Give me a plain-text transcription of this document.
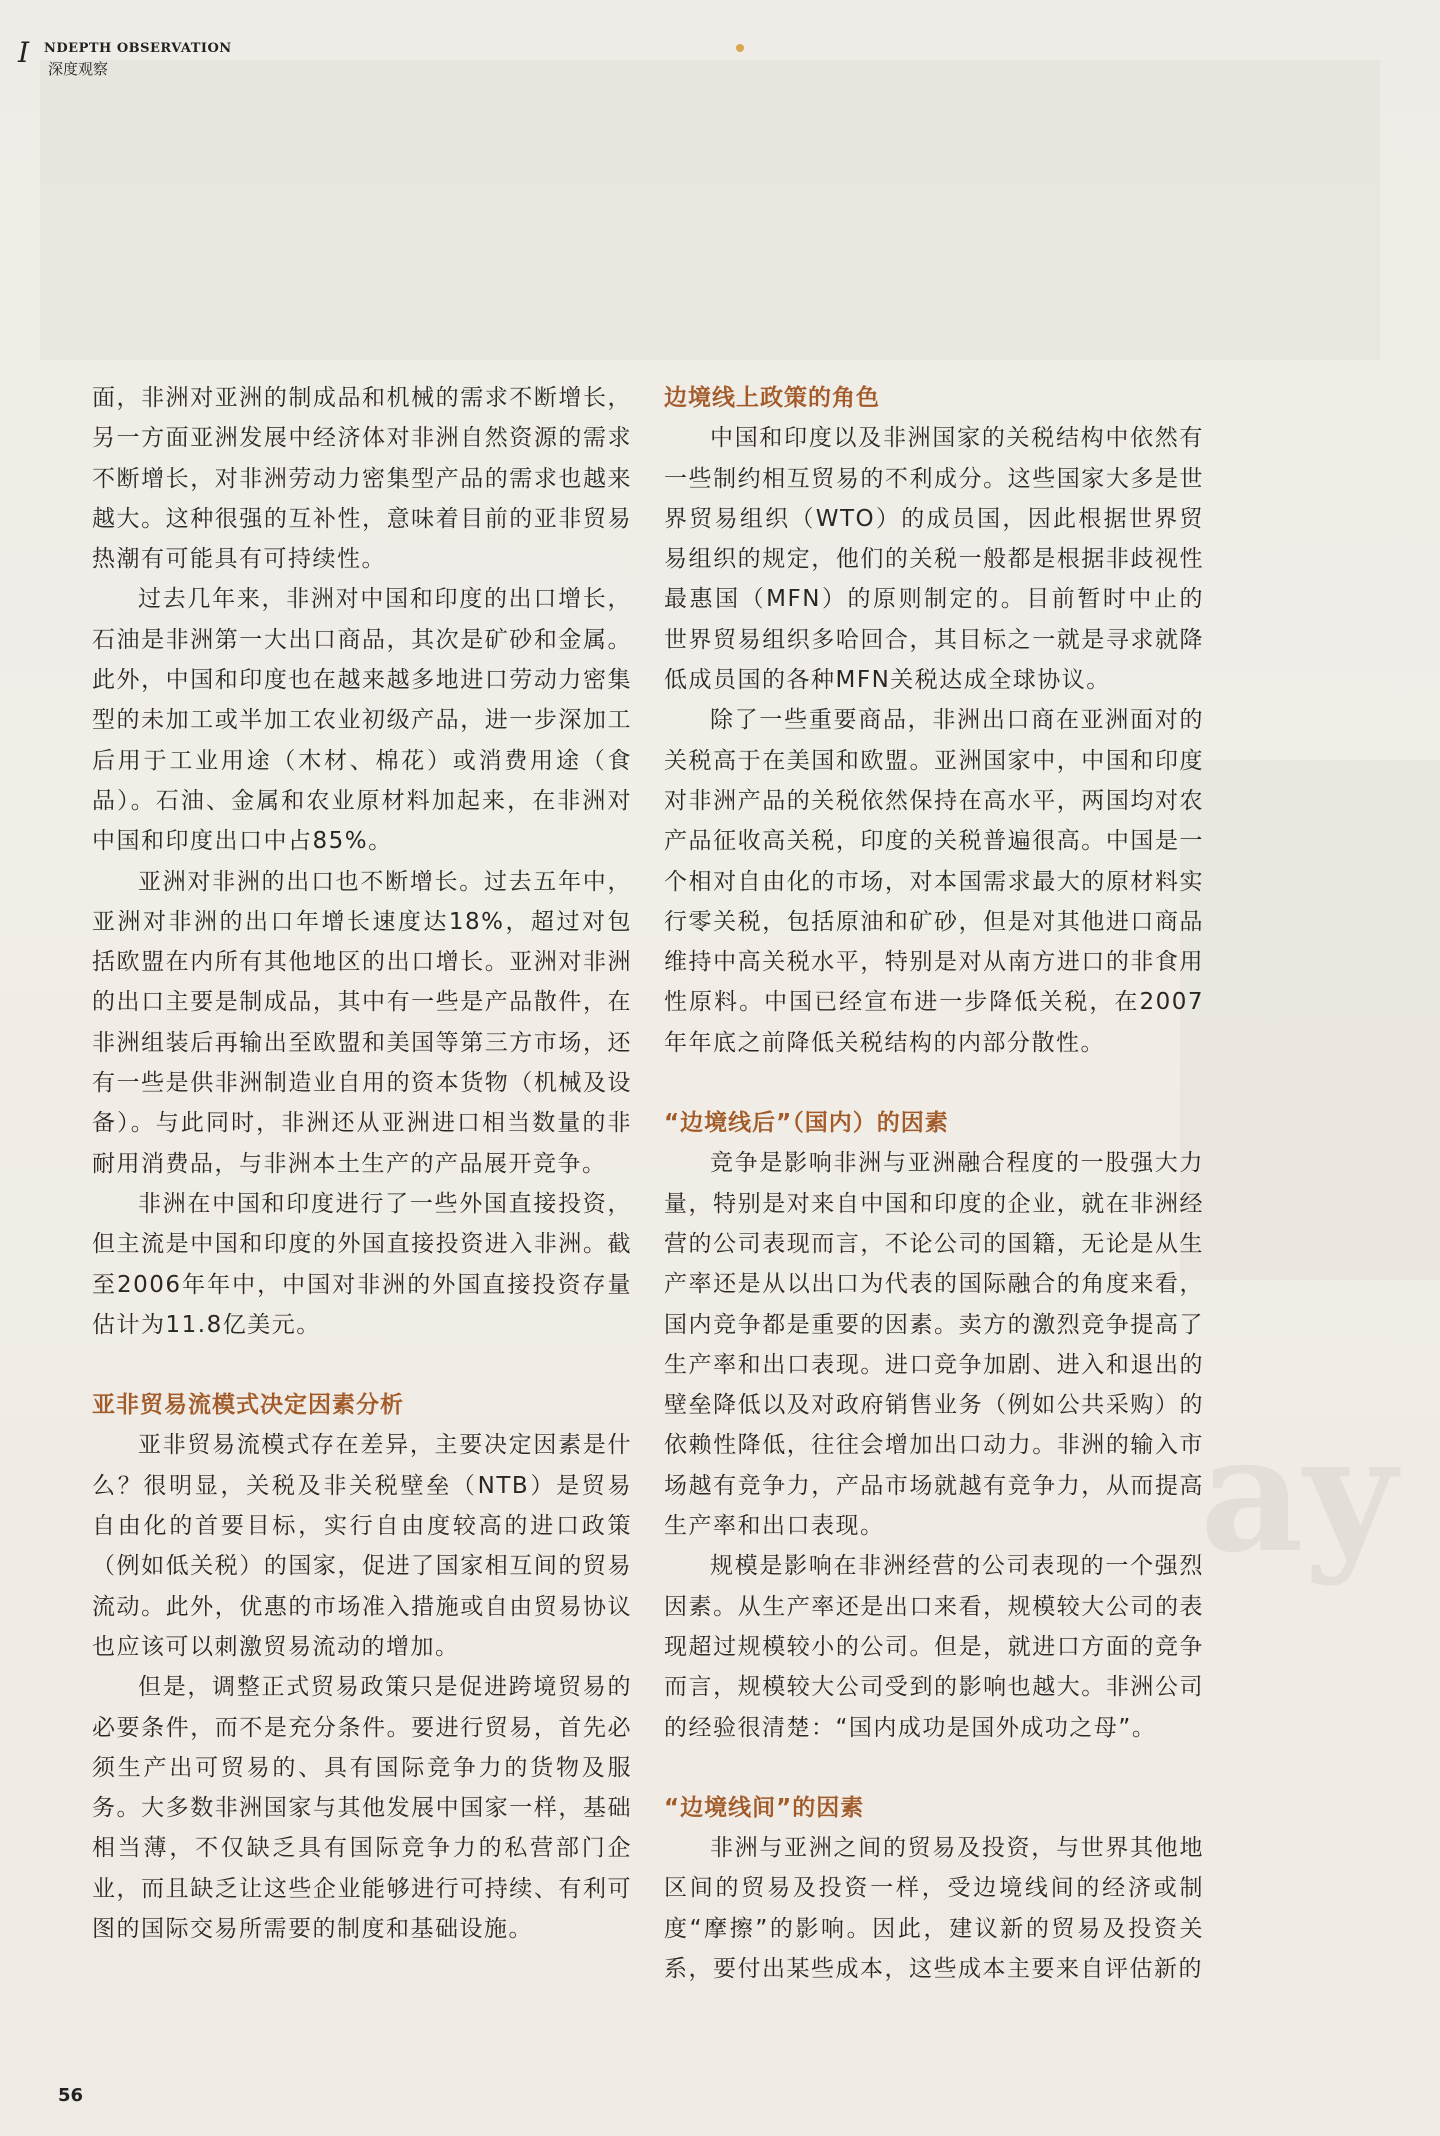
ay
I NDEPTH OBSERVATION
深度观察

面，非洲对亚洲的制成品和机械的需求不断增长，另一方面亚洲发展中经济体对非洲自然资源的需求不断增长，对非洲劳动力密集型产品的需求也越来越大。这种很强的互补性，意味着目前的亚非贸易热潮有可能具有可持续性。

过去几年来，非洲对中国和印度的出口增长，石油是非洲第一大出口商品，其次是矿砂和金属。此外，中国和印度也在越来越多地进口劳动力密集型的未加工或半加工农业初级产品，进一步深加工后用于工业用途（木材、棉花）或消费用途（食品）。石油、金属和农业原材料加起来，在非洲对中国和印度出口中占85%。

亚洲对非洲的出口也不断增长。过去五年中，亚洲对非洲的出口年增长速度达18%，超过对包括欧盟在内所有其他地区的出口增长。亚洲对非洲的出口主要是制成品，其中有一些是产品散件，在非洲组装后再输出至欧盟和美国等第三方市场，还有一些是供非洲制造业自用的资本货物（机械及设备）。与此同时，非洲还从亚洲进口相当数量的非耐用消费品，与非洲本土生产的产品展开竞争。

非洲在中国和印度进行了一些外国直接投资，但主流是中国和印度的外国直接投资进入非洲。截至2006年年中，中国对非洲的外国直接投资存量估计为11.8亿美元。

亚非贸易流模式决定因素分析

亚非贸易流模式存在差异，主要决定因素是什么？很明显，关税及非关税壁垒（NTB）是贸易自由化的首要目标，实行自由度较高的进口政策（例如低关税）的国家，促进了国家相互间的贸易流动。此外，优惠的市场准入措施或自由贸易协议也应该可以刺激贸易流动的增加。

但是，调整正式贸易政策只是促进跨境贸易的必要条件，而不是充分条件。要进行贸易，首先必须生产出可贸易的、具有国际竞争力的货物及服务。大多数非洲国家与其他发展中国家一样，基础相当薄，不仅缺乏具有国际竞争力的私营部门企业，而且缺乏让这些企业能够进行可持续、有利可图的国际交易所需要的制度和基础设施。

边境线上政策的角色

中国和印度以及非洲国家的关税结构中依然有一些制约相互贸易的不利成分。这些国家大多是世界贸易组织（WTO）的成员国，因此根据世界贸易组织的规定，他们的关税一般都是根据非歧视性最惠国（MFN）的原则制定的。目前暂时中止的世界贸易组织多哈回合，其目标之一就是寻求就降低成员国的各种MFN关税达成全球协议。

除了一些重要商品，非洲出口商在亚洲面对的关税高于在美国和欧盟。亚洲国家中，中国和印度对非洲产品的关税依然保持在高水平，两国均对农产品征收高关税，印度的关税普遍很高。中国是一个相对自由化的市场，对本国需求最大的原材料实行零关税，包括原油和矿砂，但是对其他进口商品维持中高关税水平，特别是对从南方进口的非食用性原料。中国已经宣布进一步降低关税，在2007年年底之前降低关税结构的内部分散性。

“边境线后”（国内）的因素

竞争是影响非洲与亚洲融合程度的一股强大力量，特别是对来自中国和印度的企业，就在非洲经营的公司表现而言，不论公司的国籍，无论是从生产率还是从以出口为代表的国际融合的角度来看，国内竞争都是重要的因素。卖方的激烈竞争提高了生产率和出口表现。进口竞争加剧、进入和退出的壁垒降低以及对政府销售业务（例如公共采购）的依赖性降低，往往会增加出口动力。非洲的输入市场越有竞争力，产品市场就越有竞争力，从而提高生产率和出口表现。

规模是影响在非洲经营的公司表现的一个强烈因素。从生产率还是出口来看，规模较大公司的表现超过规模较小的公司。但是，就进口方面的竞争而言，规模较大公司受到的影响也越大。非洲公司的经验很清楚：“国内成功是国外成功之母”。

“边境线间”的因素

非洲与亚洲之间的贸易及投资，与世界其他地区间的贸易及投资一样，受边境线间的经济或制度“摩擦”的影响。因此，建议新的贸易及投资关系，要付出某些成本，这些成本主要来自评估新的

56
